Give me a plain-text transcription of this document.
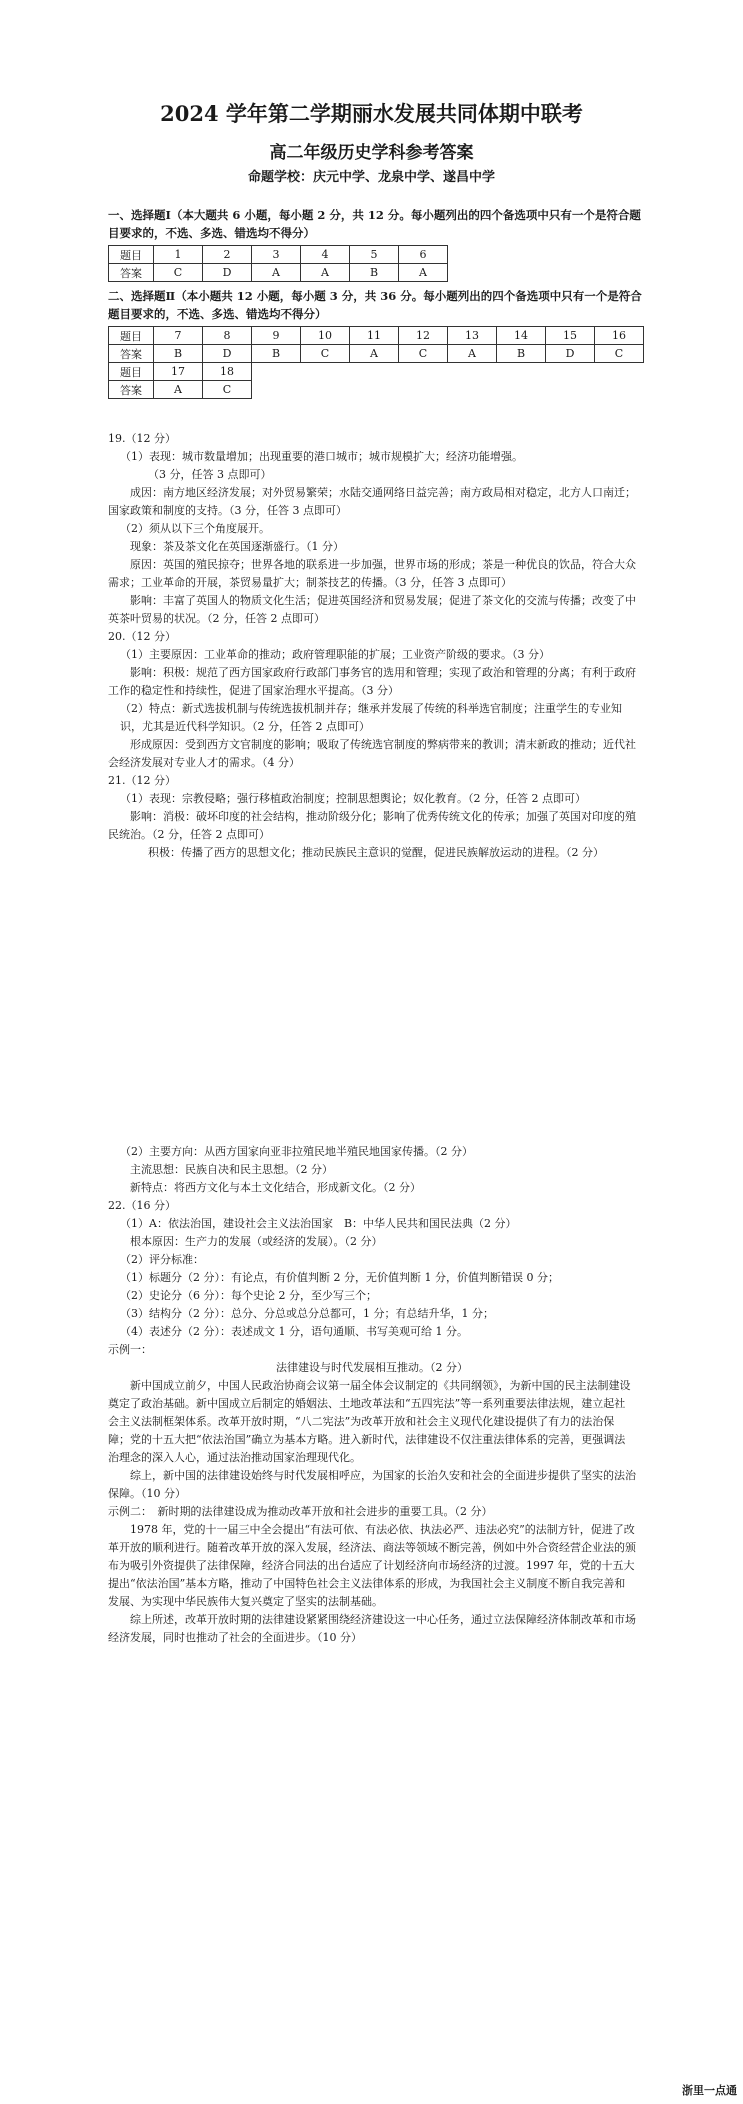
2024 学年第二学期丽水发展共同体期中联考
高二年级历史学科参考答案
命题学校：庆元中学、龙泉中学、遂昌中学
一、选择题Ⅰ（本大题共 6 小题，每小题 2 分，共 12 分。每小题列出的四个备选项中只有一个是符合题目要求的，不选、多选、错选均不得分）
题目	1	2	3	4	5	6
答案	C	D	A	A	B	A
二、选择题Ⅱ（本小题共 12 小题，每小题 3 分，共 36 分。每小题列出的四个备选项中只有一个是符合题目要求的，不选、多选、错选均不得分）
题目	7	8	9	10	11	12	13	14	15	16
答案	B	D	B	C	A	C	A	B	D	C
题目	17	18								
答案	A	C								

19.（12 分）

（1）表现：城市数量增加；出现重要的港口城市；城市规模扩大；经济功能增强。

（3 分，任答 3 点即可）

成因：南方地区经济发展；对外贸易繁荣；水陆交通网络日益完善；南方政局相对稳定，北方人口南迁；国家政策和制度的支持。（3 分，任答 3 点即可）

（2）须从以下三个角度展开。

现象：茶及茶文化在英国逐渐盛行。（1 分）

原因：英国的殖民掠夺；世界各地的联系进一步加强，世界市场的形成；茶是一种优良的饮品，符合大众需求；工业革命的开展，茶贸易量扩大；制茶技艺的传播。（3 分，任答 3 点即可）

影响：丰富了英国人的物质文化生活；促进英国经济和贸易发展；促进了茶文化的交流与传播；改变了中英茶叶贸易的状况。（2 分，任答 2 点即可）

20.（12 分）

（1）主要原因：工业革命的推动；政府管理职能的扩展；工业资产阶级的要求。（3 分）

影响：积极：规范了西方国家政府行政部门事务官的选用和管理；实现了政治和管理的分离；有利于政府工作的稳定性和持续性，促进了国家治理水平提高。（3 分）

（2）特点：新式选拔机制与传统选拔机制并存；继承并发展了传统的科举选官制度；注重学生的专业知识，尤其是近代科学知识。（2 分，任答 2 点即可）

形成原因：受到西方文官制度的影响；吸取了传统选官制度的弊病带来的教训；清末新政的推动；近代社会经济发展对专业人才的需求。（4 分）

21.（12 分）

（1）表现：宗教侵略；强行移植政治制度；控制思想舆论；奴化教育。（2 分，任答 2 点即可）

影响：消极：破坏印度的社会结构，推动阶级分化；影响了优秀传统文化的传承；加强了英国对印度的殖民统治。（2 分，任答 2 点即可）

积极：传播了西方的思想文化；推动民族民主意识的觉醒，促进民族解放运动的进程。（2 分）

（2）主要方向：从西方国家向亚非拉殖民地半殖民地国家传播。（2 分）

主流思想：民族自决和民主思想。（2 分）

新特点：将西方文化与本土文化结合，形成新文化。（2 分）

22.（16 分）

（1）A：依法治国，建设社会主义法治国家　B：中华人民共和国民法典（2 分）

根本原因：生产力的发展（或经济的发展）。（2 分）

（2）评分标准：

（1）标题分（2 分）：有论点，有价值判断 2 分，无价值判断 1 分，价值判断错误 0 分；

（2）史论分（6 分）：每个史论 2 分，至少写三个；

（3）结构分（2 分）：总分、分总或总分总都可，1 分；有总结升华，1 分；

（4）表述分（2 分）：表述成文 1 分，语句通顺、书写美观可给 1 分。

示例一：

法律建设与时代发展相互推动。（2 分）

新中国成立前夕，中国人民政治协商会议第一届全体会议制定的《共同纲领》，为新中国的民主法制建设奠定了政治基础。新中国成立后制定的婚姻法、土地改革法和“五四宪法”等一系列重要法律法规，建立起社会主义法制框架体系。改革开放时期，“八二宪法”为改革开放和社会主义现代化建设提供了有力的法治保障；党的十五大把“依法治国”确立为基本方略。进入新时代，法律建设不仅注重法律体系的完善，更强调法治理念的深入人心，通过法治推动国家治理现代化。

综上，新中国的法律建设始终与时代发展相呼应，为国家的长治久安和社会的全面进步提供了坚实的法治保障。（10 分）

示例二：　新时期的法律建设成为推动改革开放和社会进步的重要工具。（2 分）

1978 年，党的十一届三中全会提出“有法可依、有法必依、执法必严、违法必究”的法制方针，促进了改革开放的顺利进行。随着改革开放的深入发展，经济法、商法等领域不断完善，例如中外合资经营企业法的颁布为吸引外资提供了法律保障，经济合同法的出台适应了计划经济向市场经济的过渡。1997 年，党的十五大提出“依法治国”基本方略，推动了中国特色社会主义法律体系的形成，为我国社会主义制度不断自我完善和发展、为实现中华民族伟大复兴奠定了坚实的法制基础。

综上所述，改革开放时期的法律建设紧紧围绕经济建设这一中心任务，通过立法保障经济体制改革和市场经济发展，同时也推动了社会的全面进步。（10 分）

浙里一点通
